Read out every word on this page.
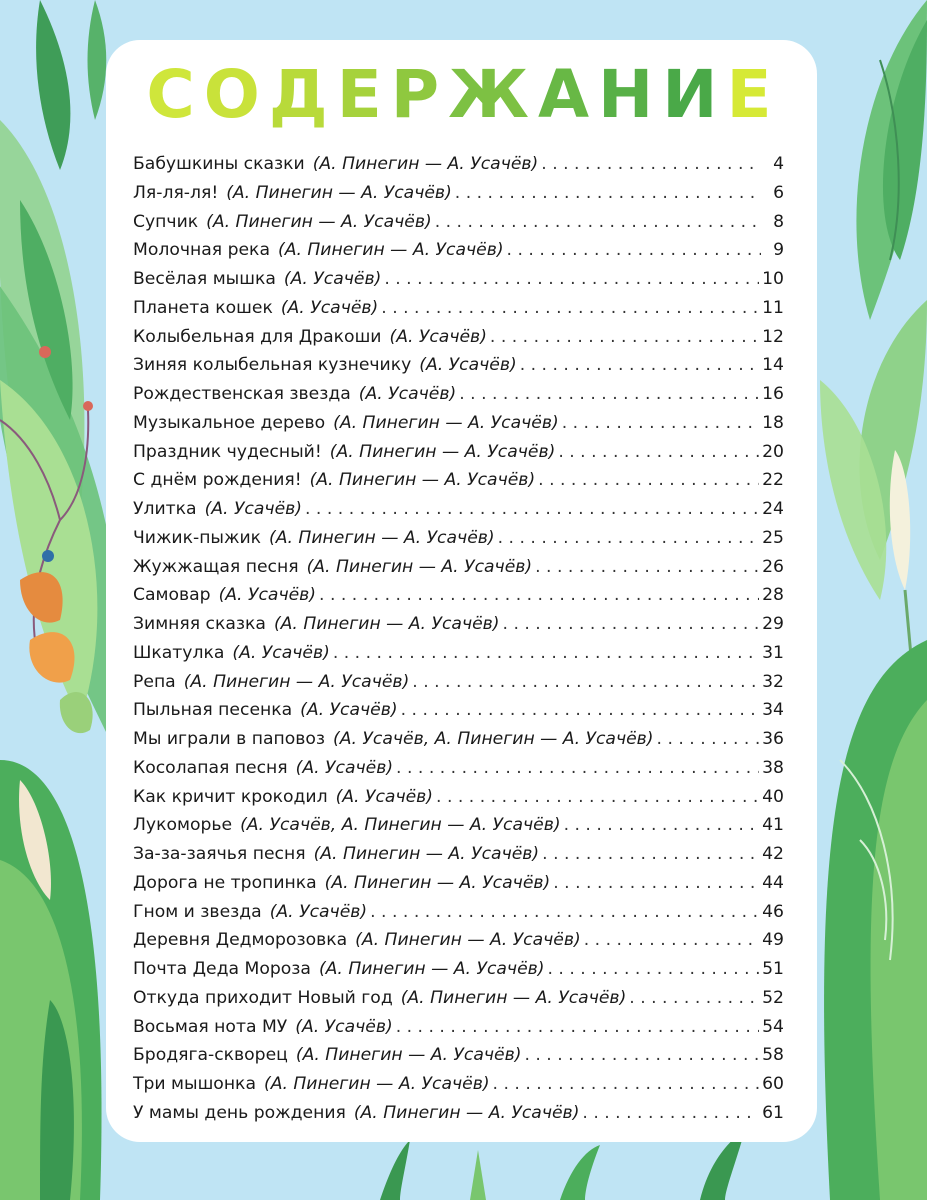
СОДЕРЖАНИЕ
Бабушкины сказки (А. Пинегин — А. Усачёв) . . .	4
Ля-ля-ля! (А. Пинегин — А. Усачёв) . . .	6
Супчик (А. Пинегин — А. Усачёв) . . .	8
Молочная река (А. Пинегин — А. Усачёв) . . .	9
Весёлая мышка (А. Усачёв) . . .	10
Планета кошек (А. Усачёв) . . .	11
Колыбельная для Дракоши (А. Усачёв) . . .	12
Зиняя колыбельная кузнечику (А. Усачёв) . . .	14
Рождественская звезда (А. Усачёв) . . .	16
Музыкальное дерево (А. Пинегин — А. Усачёв) . . .	18
Праздник чудесный! (А. Пинегин — А. Усачёв) . . .	20
С днём рождения! (А. Пинегин — А. Усачёв) . . .	22
Улитка (А. Усачёв) . . .	24
Чижик-пыжик (А. Пинегин — А. Усачёв) . . .	25
Жужжащая песня (А. Пинегин — А. Усачёв) . . .	26
Самовар (А. Усачёв) . . .	28
Зимняя сказка (А. Пинегин — А. Усачёв) . . .	29
Шкатулка (А. Усачёв) . . .	31
Репа (А. Пинегин — А. Усачёв) . . .	32
Пыльная песенка (А. Усачёв) . . .	34
Мы играли в паповоз (А. Усачёв, А. Пинегин — А. Усачёв) . . .	36
Косолапая песня (А. Усачёв) . . .	38
Как кричит крокодил (А. Усачёв) . . .	40
Лукоморье (А. Усачёв, А. Пинегин — А. Усачёв) . . .	41
За-за-заячья песня (А. Пинегин — А. Усачёв) . . .	42
Дорога не тропинка (А. Пинегин — А. Усачёв) . . .	44
Гном и звезда (А. Усачёв) . . .	46
Деревня Дедморозовка (А. Пинегин — А. Усачёв) . . .	49
Почта Деда Мороза (А. Пинегин — А. Усачёв) . . .	51
Откуда приходит Новый год (А. Пинегин — А. Усачёв) . . .	52
Восьмая нота МУ (А. Усачёв) . . .	54
Бродяга-скворец (А. Пинегин — А. Усачёв) . . .	58
Три мышонка (А. Пинегин — А. Усачёв) . . .	60
У мамы день рождения (А. Пинегин — А. Усачёв) . . .	61
